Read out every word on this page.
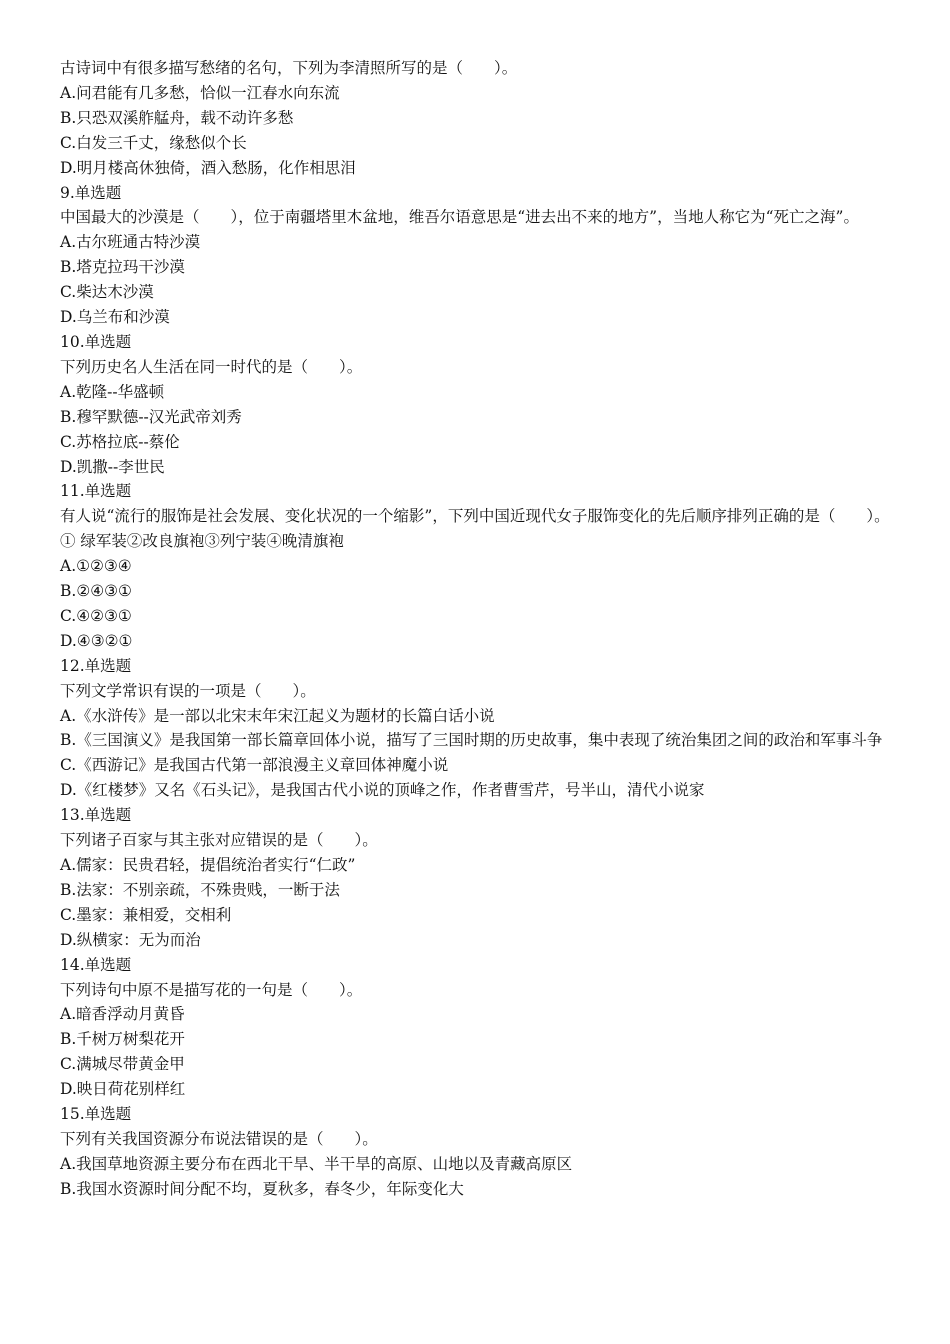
古诗词中有很多描写愁绪的名句，下列为李清照所写的是（　　）。

A.问君能有几多愁，恰似一江春水向东流

B.只恐双溪舴艋舟，载不动许多愁

C.白发三千丈，缘愁似个长

D.明月楼高休独倚，酒入愁肠，化作相思泪

9.单选题

中国最大的沙漠是（　　），位于南疆塔里木盆地，维吾尔语意思是“进去出不来的地方”，当地人称它为“死亡之海”。

A.古尔班通古特沙漠

B.塔克拉玛干沙漠

C.柴达木沙漠

D.乌兰布和沙漠

10.单选题

下列历史名人生活在同一时代的是（　　）。

A.乾隆--华盛顿

B.穆罕默德--汉光武帝刘秀

C.苏格拉底--蔡伦

D.凯撒--李世民

11.单选题

有人说“流行的服饰是社会发展、变化状况的一个缩影”，下列中国近现代女子服饰变化的先后顺序排列正确的是（　　）。

① 绿军装②改良旗袍③列宁装④晚清旗袍

A.①②③④

B.②④③①

C.④②③①

D.④③②①

12.单选题

下列文学常识有误的一项是（　　）。

A.《水浒传》是一部以北宋末年宋江起义为题材的长篇白话小说

B.《三国演义》是我国第一部长篇章回体小说，描写了三国时期的历史故事，集中表现了统治集团之间的政治和军事斗争

C.《西游记》是我国古代第一部浪漫主义章回体神魔小说

D.《红楼梦》又名《石头记》，是我国古代小说的顶峰之作，作者曹雪芹，号半山，清代小说家

13.单选题

下列诸子百家与其主张对应错误的是（　　）。

A.儒家：民贵君轻，提倡统治者实行“仁政”

B.法家：不别亲疏，不殊贵贱，一断于法

C.墨家：兼相爱，交相利

D.纵横家：无为而治

14.单选题

下列诗句中原不是描写花的一句是（　　）。

A.暗香浮动月黄昏

B.千树万树梨花开

C.满城尽带黄金甲

D.映日荷花别样红

15.单选题

下列有关我国资源分布说法错误的是（　　）。

A.我国草地资源主要分布在西北干旱、半干旱的高原、山地以及青藏高原区

B.我国水资源时间分配不均，夏秋多，春冬少，年际变化大
